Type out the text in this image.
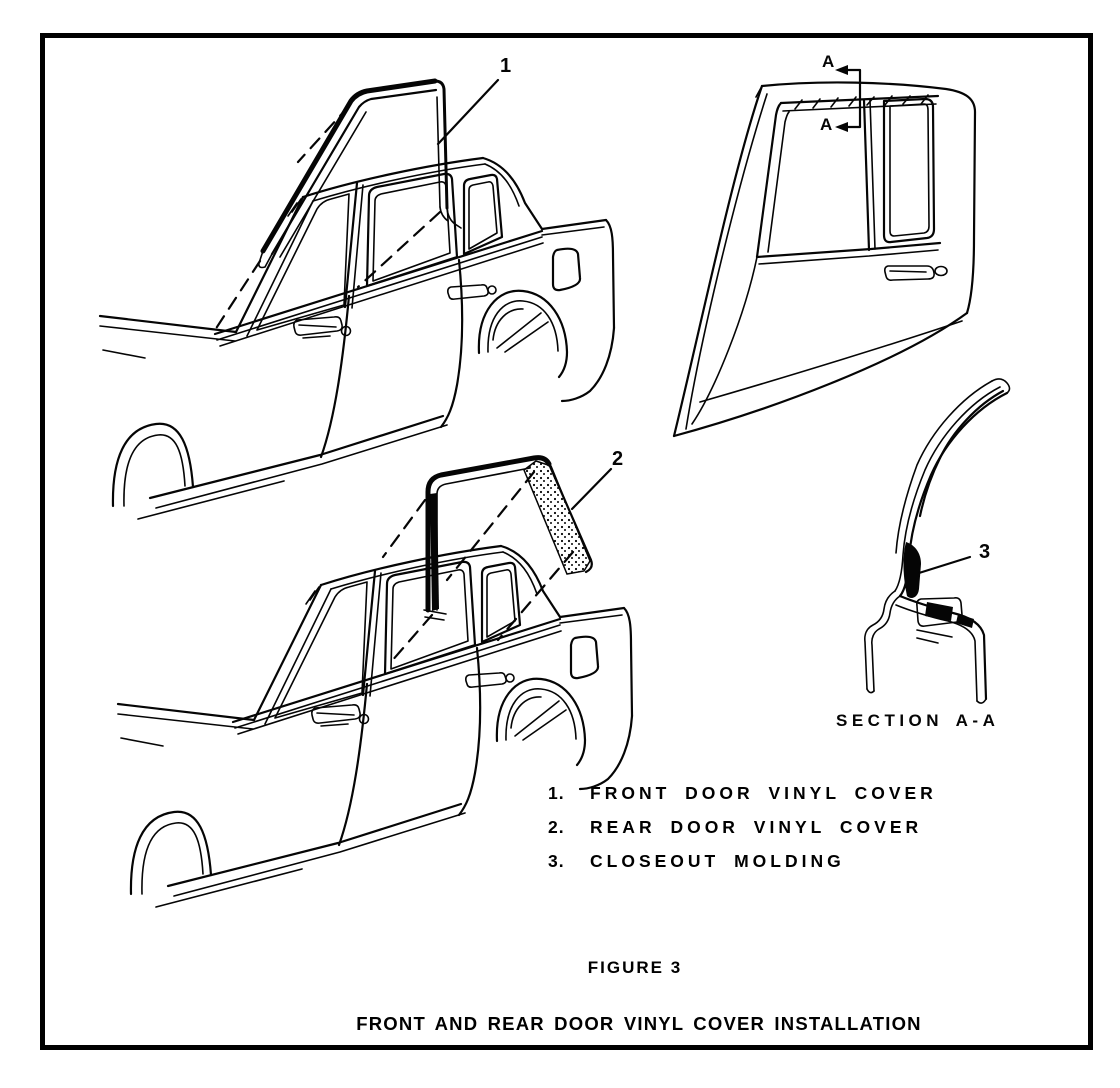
1
2
3
A
A
SECTION A-A
1.	FRONT DOOR VINYL COVER
2.	REAR DOOR VINYL COVER
3.	CLOSEOUT MOLDING
FIGURE 3
FRONT AND REAR DOOR VINYL COVER INSTALLATION
